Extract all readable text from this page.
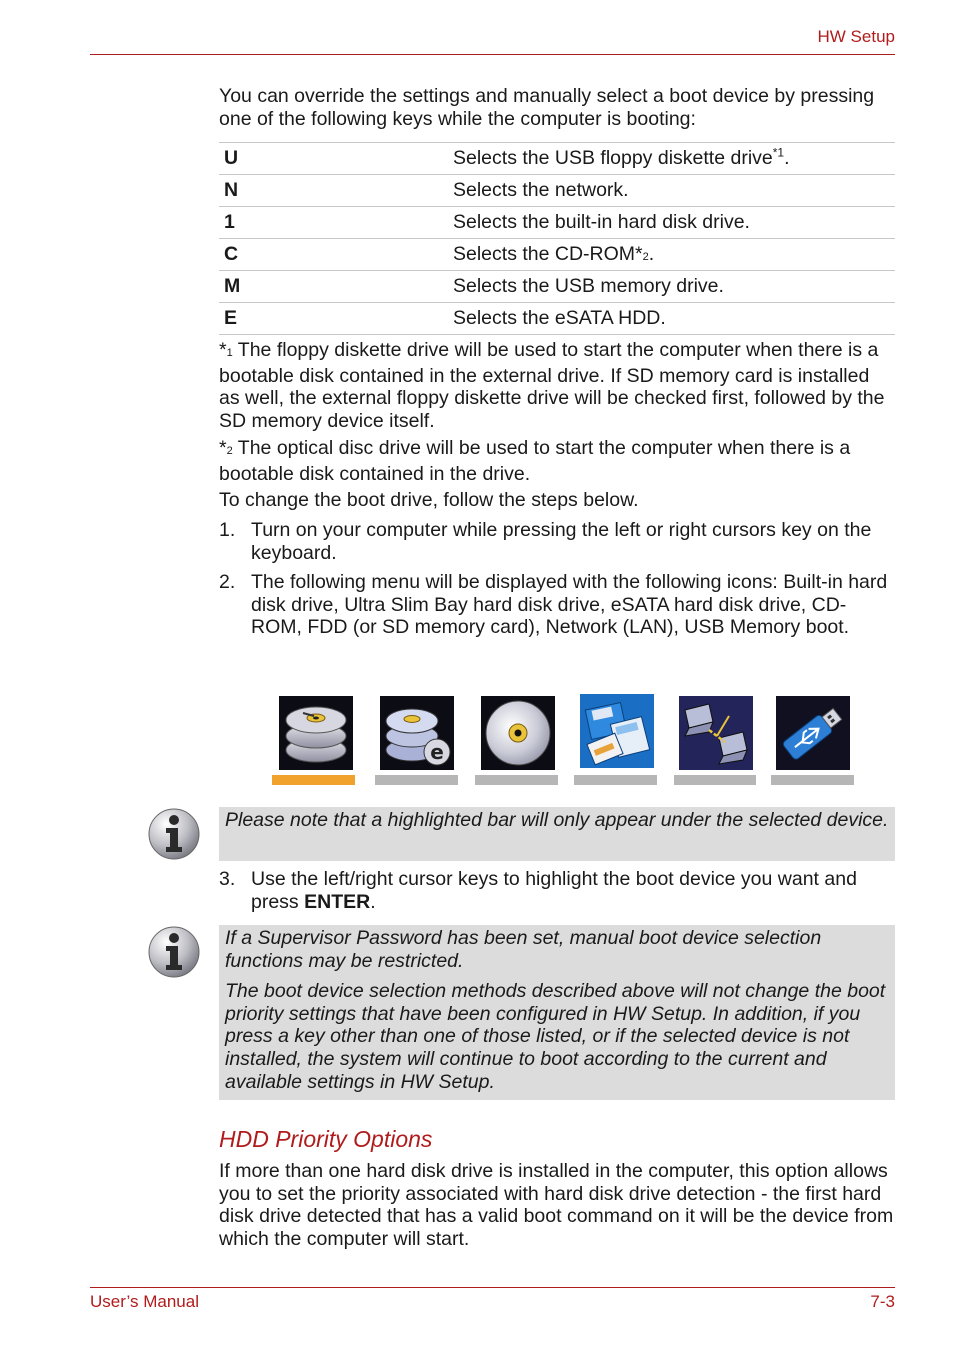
HW Setup

You can override the settings and manually select a boot device by pressing one of the following keys while the computer is booting:

U	Selects the USB floppy diskette drive$^{*1}$.
N	Selects the network.
1	Selects the built-in hard disk drive.
C	Selects the CD-ROM*2.
M	Selects the USB memory drive.
E	Selects the eSATA HDD.

*1 The floppy diskette drive will be used to start the computer when there is a bootable disk contained in the external drive. If SD memory card is installed as well, the external floppy diskette drive will be checked first, followed by the SD memory device itself.

*2 The optical disc drive will be used to start the computer when there is a bootable disk contained in the drive.

To change the boot drive, follow the steps below.

1. Turn on your computer while pressing the left or right cursors key on the keyboard.
2. The following menu will be displayed with the following icons: Built-in hard disk drive, Ultra Slim Bay hard disk drive, eSATA hard disk drive, CD-ROM, FDD (or SD memory card), Network (LAN), USB Memory boot.
e

Please note that a highlighted bar will only appear under the selected device.

3. Use the left/right cursor keys to highlight the boot device you want and press ENTER.

If a Supervisor Password has been set, manual boot device selection functions may be restricted.

The boot device selection methods described above will not change the boot priority settings that have been configured in HW Setup. In addition, if you press a key other than one of those listed, or if the selected device is not installed, the system will continue to boot according to the current and available settings in HW Setup.

HDD Priority Options

If more than one hard disk drive is installed in the computer, this option allows you to set the priority associated with hard disk drive detection - the first hard disk drive detected that has a valid boot command on it will be the device from which the computer will start.

User’s Manual	7-3
